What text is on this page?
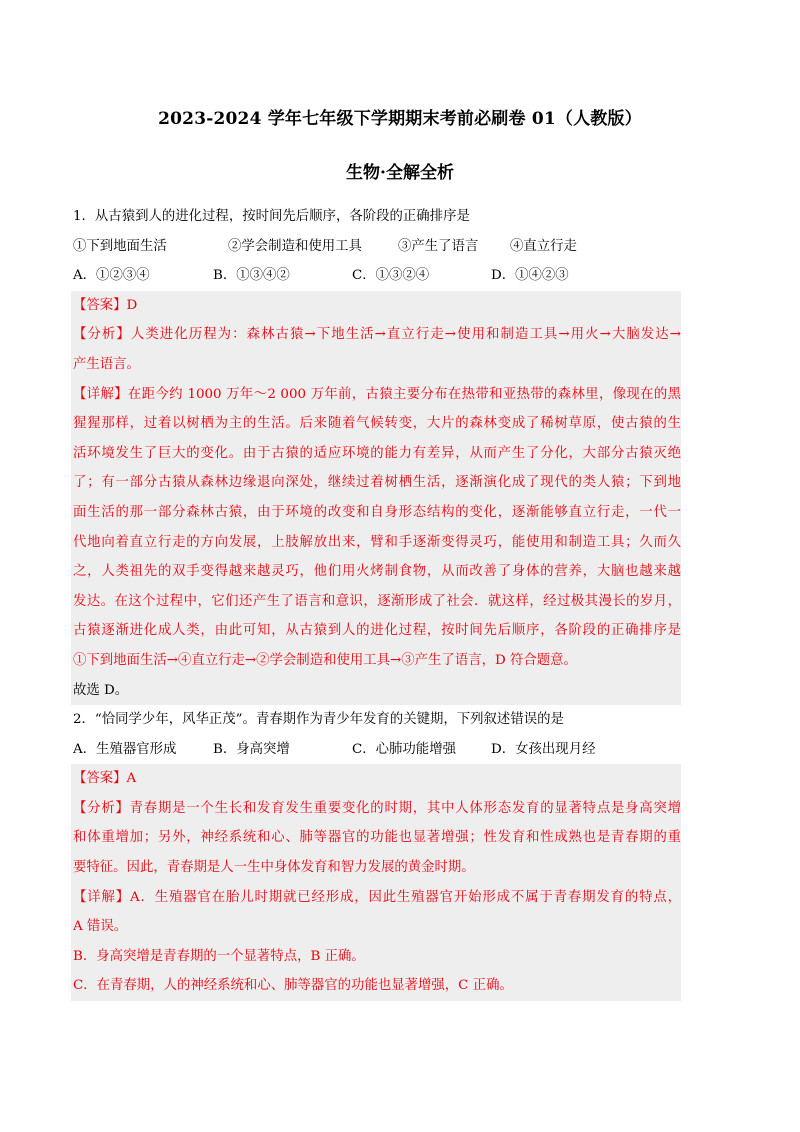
2023-2024 学年七年级下学期期末考前必刷卷 01（人教版）
生物·全解全析
1．从古猿到人的进化过程，按时间先后顺序，各阶段的正确排序是
①下到地面生活	②学会制造和使用工具	③产生了语言	④直立行走
A．①②③④	B．①③④②	C．①③②④	D．①④②③
【答案】D
【分析】人类进化历程为：森林古猿→下地生活→直立行走→使用和制造工具→用火→大脑发达→
产生语言。
【详解】在距今约 1000 万年～2 000 万年前，古猿主要分布在热带和亚热带的森林里，像现在的黑
猩猩那样，过着以树栖为主的生活。后来随着气候转变，大片的森林变成了稀树草原，使古猿的生
活环境发生了巨大的变化。由于古猿的适应环境的能力有差异，从而产生了分化，大部分古猿灭绝
了；有一部分古猿从森林边缘退向深处，继续过着树栖生活，逐渐演化成了现代的类人猿；下到地
面生活的那一部分森林古猿，由于环境的改变和自身形态结构的变化，逐渐能够直立行走，一代一
代地向着直立行走的方向发展，上肢解放出来，臂和手逐渐变得灵巧，能使用和制造工具；久而久
之，人类祖先的双手变得越来越灵巧，他们用火烤制食物，从而改善了身体的营养，大脑也越来越
发达。在这个过程中，它们还产生了语言和意识，逐渐形成了社会．就这样，经过极其漫长的岁月，
古猿逐渐进化成人类，由此可知，从古猿到人的进化过程，按时间先后顺序，各阶段的正确排序是
①下到地面生活→④直立行走→②学会制造和使用工具→③产生了语言，D 符合题意。
故选 D。
2．“恰同学少年，风华正茂”。青春期作为青少年发育的关键期，下列叙述错误的是
A．生殖器官形成	B．身高突增	C．心肺功能增强	D．女孩出现月经
【答案】A
【分析】青春期是一个生长和发育发生重要变化的时期，其中人体形态发育的显著特点是身高突增
和体重增加；另外，神经系统和心、肺等器官的功能也显著增强；性发育和性成熟也是青春期的重
要特征。因此，青春期是人一生中身体发育和智力发展的黄金时期。
【详解】A．生殖器官在胎儿时期就已经形成，因此生殖器官开始形成不属于青春期发育的特点，
A 错误。
B．身高突增是青春期的一个显著特点，B 正确。
C．在青春期，人的神经系统和心、肺等器官的功能也显著增强，C 正确。
